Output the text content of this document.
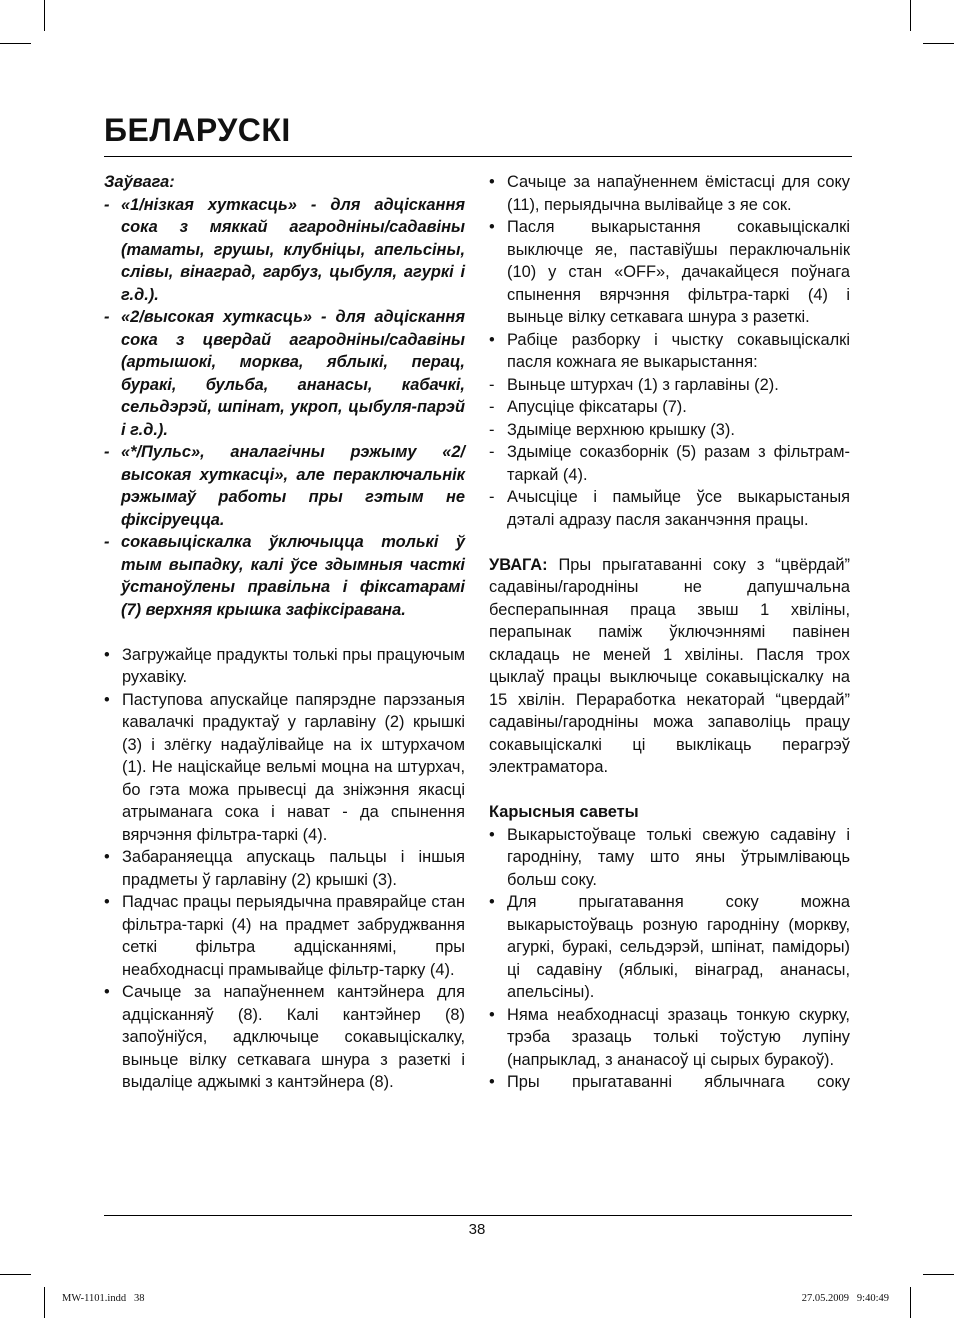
БЕЛАРУСКІ
Заўвага:
- «1/нізкая хуткасць» - для адціскання сока з мяккай агародніны/садавіны (таматы, грушы, клубніцы, апельсіны, слівы, вінаград, гарбуз, цыбуля, агуркі і г.д.).
- «2/высокая хуткасць» - для адціскання сока з цвердай агародніны/садавіны (артышокі, морква, яблыкі, перац, буракі, бульба, ананасы, кабачкі, сельдэрэй, шпінат, укроп, цыбуля-парэй і г.д.).
- «*/Пульс», аналагічны рэжыму «2/высокая хуткасці», але пераключальнік рэжымаў работы пры гэтым не фіксіруецца.
- сокавыціскалка ўключыцца толькі ў тым выпадку, калі ўсе здымныя часткі ўстаноўлены правільна і фіксатарамі (7) верхняя крышка зафіксіравана.
• Загружайце прадукты толькі пры працуючым рухавіку.
• Паступова апускайце папярэдне парэзаныя кавалачкі прадуктаў у гарлавіну (2) крышкі (3) і злёгку надаўлівайце на іх штурхачом (1). Не націскайце вельмі моцна на штурхач, бо гэта можа прывесці да зніжэння якасці атрыманага сока і нават - да спынення вярчэння фільтра-таркі (4).
• Забараняецца апускаць пальцы і іншыя прадметы ў гарлавіну (2) крышкі (3).
• Падчас працы перыядычна правярайце стан фільтра-таркі (4) на прадмет забруджвання сеткі фільтра адцісканнямі, пры неабходнасці прамывайце фільтр-тарку (4).
• Сачыце за напаўненнем кантэйнера для адцісканняў (8). Калі кантэйнер (8) запоўніўся, адключыце сокавыціскалку, выньце вілку сеткавага шнура з разеткі і выдаліце аджымкі з кантэйнера (8).
• Сачыце за напаўненнем ёмістасці для соку (11), перыядычна вылівайце з яе сок.
• Пасля выкарыстання сокавыціскалкі выключце яе, паставіўшы пераключальнік (10) у стан «OFF», дачакайцеся поўнага спынення вярчэння фільтра-таркі (4) і выньце вілку сеткавага шнура з разеткі.
• Рабіце разборку і чыстку сокавыціскалкі пасля кожнага яе выкарыстання:
- Выньце штурхач (1) з гарлавіны (2).
- Апусціце фіксатары (7).
- Здыміце верхнюю крышку (3).
- Здыміце соказборнік (5) разам з фільтрам-таркай (4).
- Ачысціце і памыйце ўсе выкарыстаныя дэталі адразу пасля заканчэння працы.
УВАГА: Пры прыгатаванні соку з “цвёрдай” садавіны/гародніны не дапушчальна бесперапынная праца звыш 1 хвіліны, перапынак паміж ўключэннямі павінен складаць не меней 1 хвіліны. Пасля трох цыклаў працы выключыце сокавыціскалку на 15 хвілін. Пераработка некаторай “цвердай” садавіны/гародніны можа запаволіць працу сокавыціскалкі ці выклікаць перагрэў электраматора.
Карысныя саветы
• Выкарыстоўваце толькі свежую садавіну і гародніну, таму што яны ўтрымліваюць больш соку.
• Для прыгатавання соку можна выкарыстоўваць розную гародніну (моркву, агуркі, буракі, сельдэрэй, шпінат, памідоры) ці садавіну (яблыкі, вінаград, ананасы, апельсіны).
• Няма неабходнасці зразаць тонкую скурку, трэба зразаць толькі тоўстую лупіну (напрыклад, з ананасоў ці сырых буракоў).
• Пры прыгатаванні яблычнага соку
38
MW-1101.indd   38	27.05.2009   9:40:49
